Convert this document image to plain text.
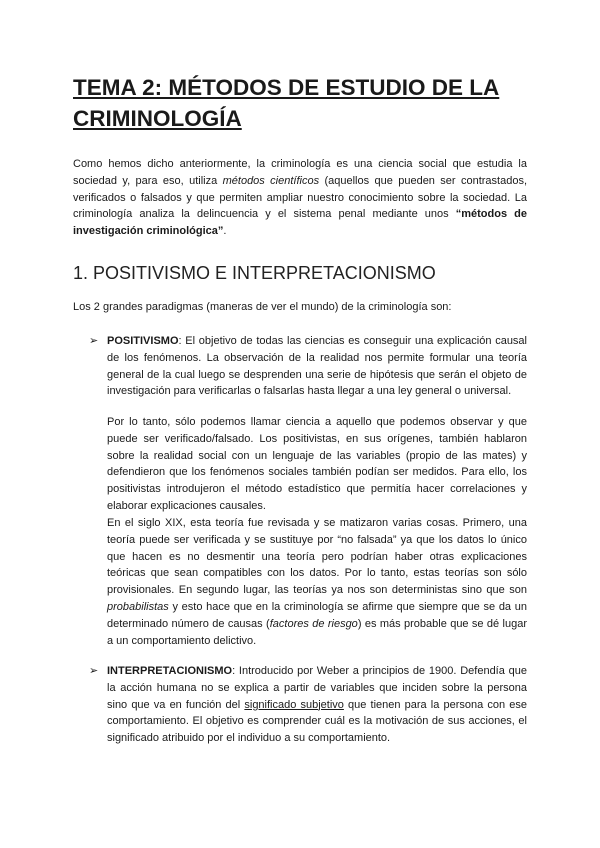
TEMA 2: MÉTODOS DE ESTUDIO DE LA CRIMINOLOGÍA
Como hemos dicho anteriormente, la criminología es una ciencia social que estudia la sociedad y, para eso, utiliza métodos científicos (aquellos que pueden ser contrastados, verificados o falsados y que permiten ampliar nuestro conocimiento sobre la sociedad. La criminología analiza la delincuencia y el sistema penal mediante unos “métodos de investigación criminológica”.
1. POSITIVISMO E INTERPRETACIONISMO
Los 2 grandes paradigmas (maneras de ver el mundo) de la criminología son:
➢ POSITIVISMO: El objetivo de todas las ciencias es conseguir una explicación causal de los fenómenos. La observación de la realidad nos permite formular una teoría general de la cual luego se desprenden una serie de hipótesis que serán el objeto de investigación para verificarlas o falsarlas hasta llegar a una ley general o universal.
Por lo tanto, sólo podemos llamar ciencia a aquello que podemos observar y que puede ser verificado/falsado. Los positivistas, en sus orígenes, también hablaron sobre la realidad social con un lenguaje de las variables (propio de las mates) y defendieron que los fenómenos sociales también podían ser medidos. Para ello, los positivistas introdujeron el método estadístico que permitía hacer correlaciones y elaborar explicaciones causales.
En el siglo XIX, esta teoría fue revisada y se matizaron varias cosas. Primero, una teoría puede ser verificada y se sustituye por “no falsada” ya que los datos lo único que hacen es no desmentir una teoría pero podrían haber otras explicaciones teóricas que sean compatibles con los datos. Por lo tanto, estas teorías son sólo provisionales. En segundo lugar, las teorías ya nos son deterministas sino que son probabilistas y esto hace que en la criminología se afirme que siempre que se da un determinado número de causas (factores de riesgo) es más probable que se dé lugar a un comportamiento delictivo.
➢ INTERPRETACIONISMO: Introducido por Weber a principios de 1900. Defendía que la acción humana no se explica a partir de variables que inciden sobre la persona sino que va en función del significado subjetivo que tienen para la persona con ese comportamiento. El objetivo es comprender cuál es la motivación de sus acciones, el significado atribuido por el individuo a su comportamiento.
